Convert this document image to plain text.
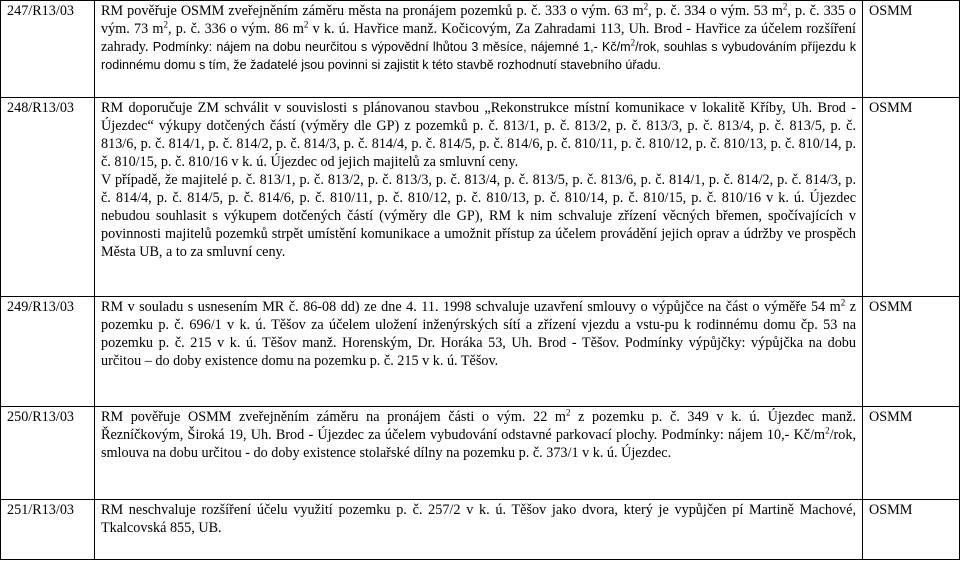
247/R13/03	RM pověřuje OSMM zveřejněním záměru města na pronájem pozemků p. č. 333 o vým. 63 $m^2$, p. č. 334 o vým. 53 $m^2$, p. č. 335 o vým. 73 $m^2$, p. č. 336 o vým. 86 $m^2$ v k. ú. Havřice manž. Kočicovým, Za Zahradami 113, Uh. Brod - Havřice za účelem rozšíření zahrady. Podmínky: nájem na dobu neurčitou s výpovědní lhůtou 3 měsíce, nájemné 1,- $Kč/m^2$/rok, souhlas s vybudováním příjezdu k rodinnému domu s tím, že žadatelé jsou povinni si zajistit k této stavbě rozhodnutí stavebního úřadu.	OSMM
248/R13/03	RM doporučuje ZM schválit v souvislosti s plánovanou stavbou „Rekonstrukce místní komunikace v lokalitě Kříby, Uh. Brod - Újezdec“ výkupy dotčených částí (výměry dle GP) z pozemků p. č. 813/1, p. č. 813/2, p. č. 813/3, p. č. 813/4, p. č. 813/5, p. č. 813/6, p. č. 814/1, p. č. 814/2, p. č. 814/3, p. č. 814/4, p. č. 814/5, p. č. 814/6, p. č. 810/11, p. č. 810/12, p. č. 810/13, p. č. 810/14, p. č. 810/15, p. č. 810/16 v k. ú. Újezdec od jejich majitelů za smluvní ceny.
V případě, že majitelé p. č. 813/1, p. č. 813/2, p. č. 813/3, p. č. 813/4, p. č. 813/5, p. č. 813/6, p. č. 814/1, p. č. 814/2, p. č. 814/3, p. č. 814/4, p. č. 814/5, p. č. 814/6, p. č. 810/11, p. č. 810/12, p. č. 810/13, p. č. 810/14, p. č. 810/15, p. č. 810/16 v k. ú. Újezdec nebudou souhlasit s výkupem dotčených částí (výměry dle GP), RM k nim schvaluje zřízení věcných břemen, spočívajících v povinnosti majitelů pozemků strpět umístění komunikace a umožnit přístup za účelem provádění jejich oprav a údržby ve prospěch Města UB, a to za smluvní ceny.	OSMM
249/R13/03	RM v souladu s usnesením MR č. 86-08 dd) ze dne 4. 11. 1998 schvaluje uzavření smlouvy o výpůjčce na část o výměře 54 $m^2$ z pozemku p. č. 696/1 v k. ú. Těšov za účelem uložení inženýrských sítí a zřízení vjezdu a vstu-pu k rodinnému domu čp. 53 na pozemku p. č. 215 v k. ú. Těšov manž. Horenským, Dr. Horáka 53, Uh. Brod - Těšov. Podmínky výpůjčky: výpůjčka na dobu určitou – do doby existence domu na pozemku p. č. 215 v k. ú. Těšov.	OSMM
250/R13/03	RM pověřuje OSMM zveřejněním záměru na pronájem části o vým. 22 $m^2$ z pozemku p. č. 349 v k. ú. Újezdec manž. Řezníčkovým, Široká 19, Uh. Brod - Újezdec za účelem vybudování odstavné parkovací plochy. Podmínky: nájem 10,- $Kč/m^2$/rok, smlouva na dobu určitou - do doby existence stolařské dílny na pozemku p. č. 373/1 v k. ú. Újezdec.	OSMM
251/R13/03	RM neschvaluje rozšíření účelu využití pozemku p. č. 257/2 v k. ú. Těšov jako dvora, který je vypůjčen pí Martině Machové, Tkalcovská 855, UB.	OSMM
